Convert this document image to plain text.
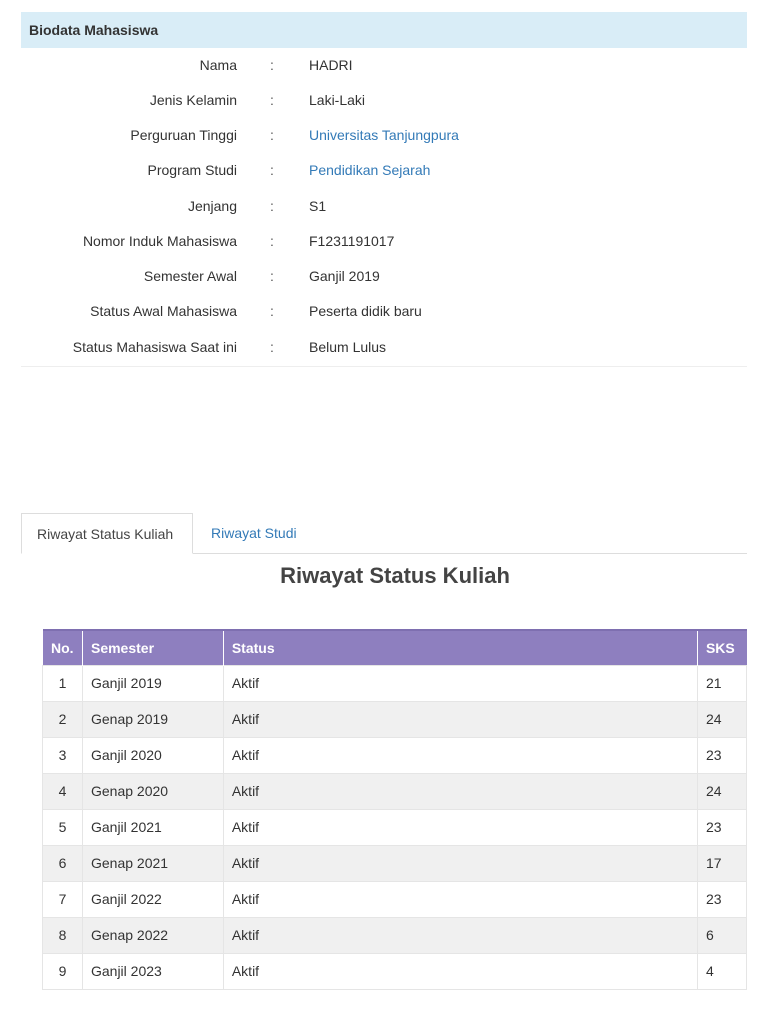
Biodata Mahasiswa
Nama :	HADRI
Jenis Kelamin :	Laki-Laki
Perguruan Tinggi :	Universitas Tanjungpura
Program Studi :	Pendidikan Sejarah
Jenjang :	S1
Nomor Induk Mahasiswa :	F1231191017
Semester Awal :	Ganjil 2019
Status Awal Mahasiswa :	Peserta didik baru
Status Mahasiswa Saat ini :	Belum Lulus
Riwayat Status Kuliah	Riwayat Studi
Riwayat Status Kuliah
No.	Semester	Status	SKS
1	Ganjil 2019	Aktif	21
2	Genap 2019	Aktif	24
3	Ganjil 2020	Aktif	23
4	Genap 2020	Aktif	24
5	Ganjil 2021	Aktif	23
6	Genap 2021	Aktif	17
7	Ganjil 2022	Aktif	23
8	Genap 2022	Aktif	6
9	Ganjil 2023	Aktif	4
